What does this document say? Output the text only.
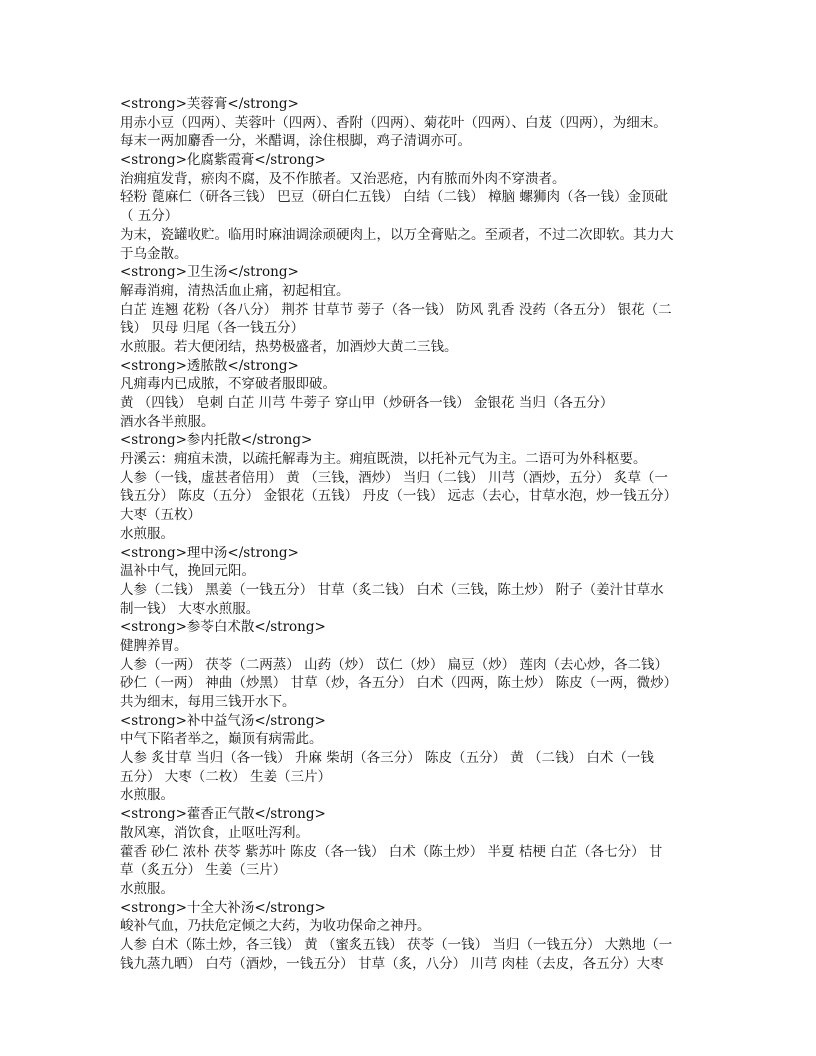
<strong>芙蓉膏</strong>
用赤小豆（四两）、芙蓉叶（四两）、香附（四两）、菊花叶（四两）、白芨（四两），为细末。
每末一两加麝香一分，米醋调，涂住根脚，鸡子清调亦可。
<strong>化腐紫霞膏</strong>
治痈疽发背，瘀肉不腐，及不作脓者。又治恶疮，内有脓而外肉不穿溃者。
轻粉 蓖麻仁（研各三钱） 巴豆（研白仁五钱） 白结（二钱） 樟脑 螺狮肉（各一钱）金顶砒
（ 五分）
为末，瓷罐收贮。临用时麻油调涂顽硬肉上，以万全膏贴之。至顽者，不过二次即软。其力大
于乌金散。
<strong>卫生汤</strong>
解毒消痈，清热活血止痛，初起相宜。
白芷 连翘 花粉（各八分） 荆芥 甘草节 蒡子（各一钱） 防风 乳香 没药（各五分） 银花（二
钱） 贝母 归尾（各一钱五分）
水煎服。若大便闭结，热势极盛者，加酒炒大黄二三钱。
<strong>透脓散</strong>
凡痈毒内已成脓，不穿破者服即破。
黄 （四钱） 皂刺 白芷 川芎 牛蒡子 穿山甲（炒研各一钱） 金银花 当归（各五分）
酒水各半煎服。
<strong>参内托散</strong>
丹溪云：痈疽未溃，以疏托解毒为主。痈疽既溃，以托补元气为主。二语可为外科枢要。
人参（一钱，虚甚者倍用） 黄 （三钱，酒炒） 当归（二钱） 川芎（酒炒，五分） 炙草（一
钱五分） 陈皮（五分） 金银花（五钱） 丹皮（一钱） 远志（去心，甘草水泡，炒一钱五分）
大枣（五枚）
水煎服。
<strong>理中汤</strong>
温补中气，挽回元阳。
人参（二钱） 黑姜（一钱五分） 甘草（炙二钱） 白术（三钱，陈土炒） 附子（姜汁甘草水
制一钱） 大枣水煎服。
<strong>参苓白术散</strong>
健脾养胃。
人参（一两） 茯苓（二两蒸） 山药（炒） 苡仁（炒） 扁豆（炒） 莲肉（去心炒，各二钱）
砂仁（一两） 神曲（炒黑） 甘草（炒，各五分） 白术（四两，陈土炒） 陈皮（一两，微炒）
共为细末，每用三钱开水下。
<strong>补中益气汤</strong>
中气下陷者举之，巅顶有病需此。
人参 炙甘草 当归（各一钱） 升麻 柴胡（各三分） 陈皮（五分） 黄 （二钱） 白术（一钱
五分） 大枣（二枚） 生姜（三片）
水煎服。
<strong>藿香正气散</strong>
散风寒，消饮食，止呕吐泻利。
藿香 砂仁 浓朴 茯苓 紫苏叶 陈皮（各一钱） 白术（陈土炒） 半夏 桔梗 白芷（各七分） 甘
草（炙五分） 生姜（三片）
水煎服。
<strong>十全大补汤</strong>
峻补气血，乃扶危定倾之大药，为收功保命之神丹。
人参 白术（陈土炒，各三钱） 黄 （蜜炙五钱） 茯苓（一钱） 当归（一钱五分） 大熟地（一
钱九蒸九晒） 白芍（酒炒，一钱五分） 甘草（炙，八分） 川芎 肉桂（去皮，各五分）大枣
